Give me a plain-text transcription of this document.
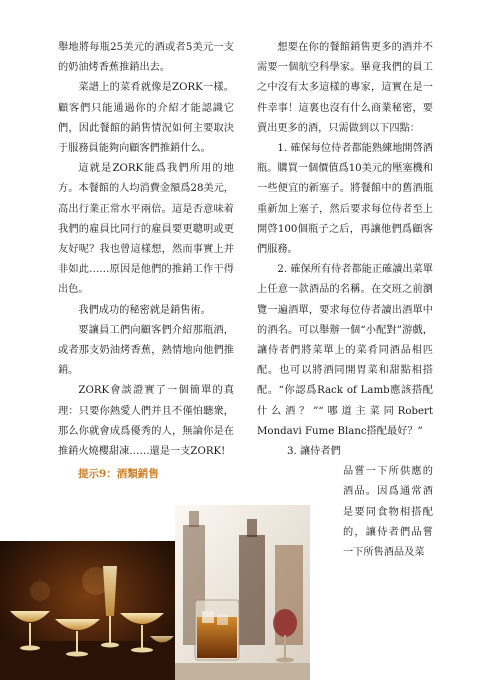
舉地將每瓶25美元的酒或者5美元一支的奶油烤香蕉推銷出去。

菜譜上的菜肴就像是ZORK一樣。顧客們只能通過你的介紹才能認識它們，因此餐館的銷售情況如何主要取決于服務員能夠向顧客們推銷什么。

這就是ZORK能爲我們所用的地方。本餐館的人均消費金額爲28美元，高出行業正常水平兩倍。這是否意味着我們的雇員比同行的雇員要更聰明或更友好呢？我也曾這樣想，然而事實上并非如此……原因是他們的推銷工作干得出色。

我們成功的秘密就是銷售術。

要讓員工們向顧客們介紹那瓶酒，或者那支奶油烤香蕉，熱情地向他們推銷。

ZORK會談證實了一個簡單的真理：只要你熱愛人們并且不僅怕聽衆，那么你就會成爲優秀的人，無論你是在推銷火燒櫻甜凍……還是一支ZORK!

提示9：酒類銷售

想要在你的餐館銷售更多的酒并不需要一個航空科學家。畢竟我們的員工之中沒有太多這樣的專家，這實在是一件幸事！這裏也沒有什么商業秘密，要賣出更多的酒，只需做到以下四點：

1. 確保每位侍者都能熟練地開啓酒瓶。購買一個價值爲10美元的壓塞機和一些便宜的新塞子。將餐館中的舊酒瓶重新加上塞子，然后要求每位侍者至上開啓100個瓶子之后，再讓他們爲顧客們服務。

2. 確保所有侍者都能正確讀出菜單上任意一款酒品的名稱。在交班之前瀏覽一遍酒單，要求每位侍者讀出酒單中的酒名。可以舉辦一個“小配對”游戲，讓侍者們將菜單上的菜肴同酒品相匹配。也可以將酒同開胃菜和甜點相搭配。“你認爲Rack of Lamb應該搭配什么酒？”“哪道主菜同Robert Mondavi Fume Blanc搭配最好？”

3. 讓侍者們

品嘗一下所供應的酒品。因爲通常酒是要同食物相搭配的，讓侍者們品嘗一下所售酒品及菜
